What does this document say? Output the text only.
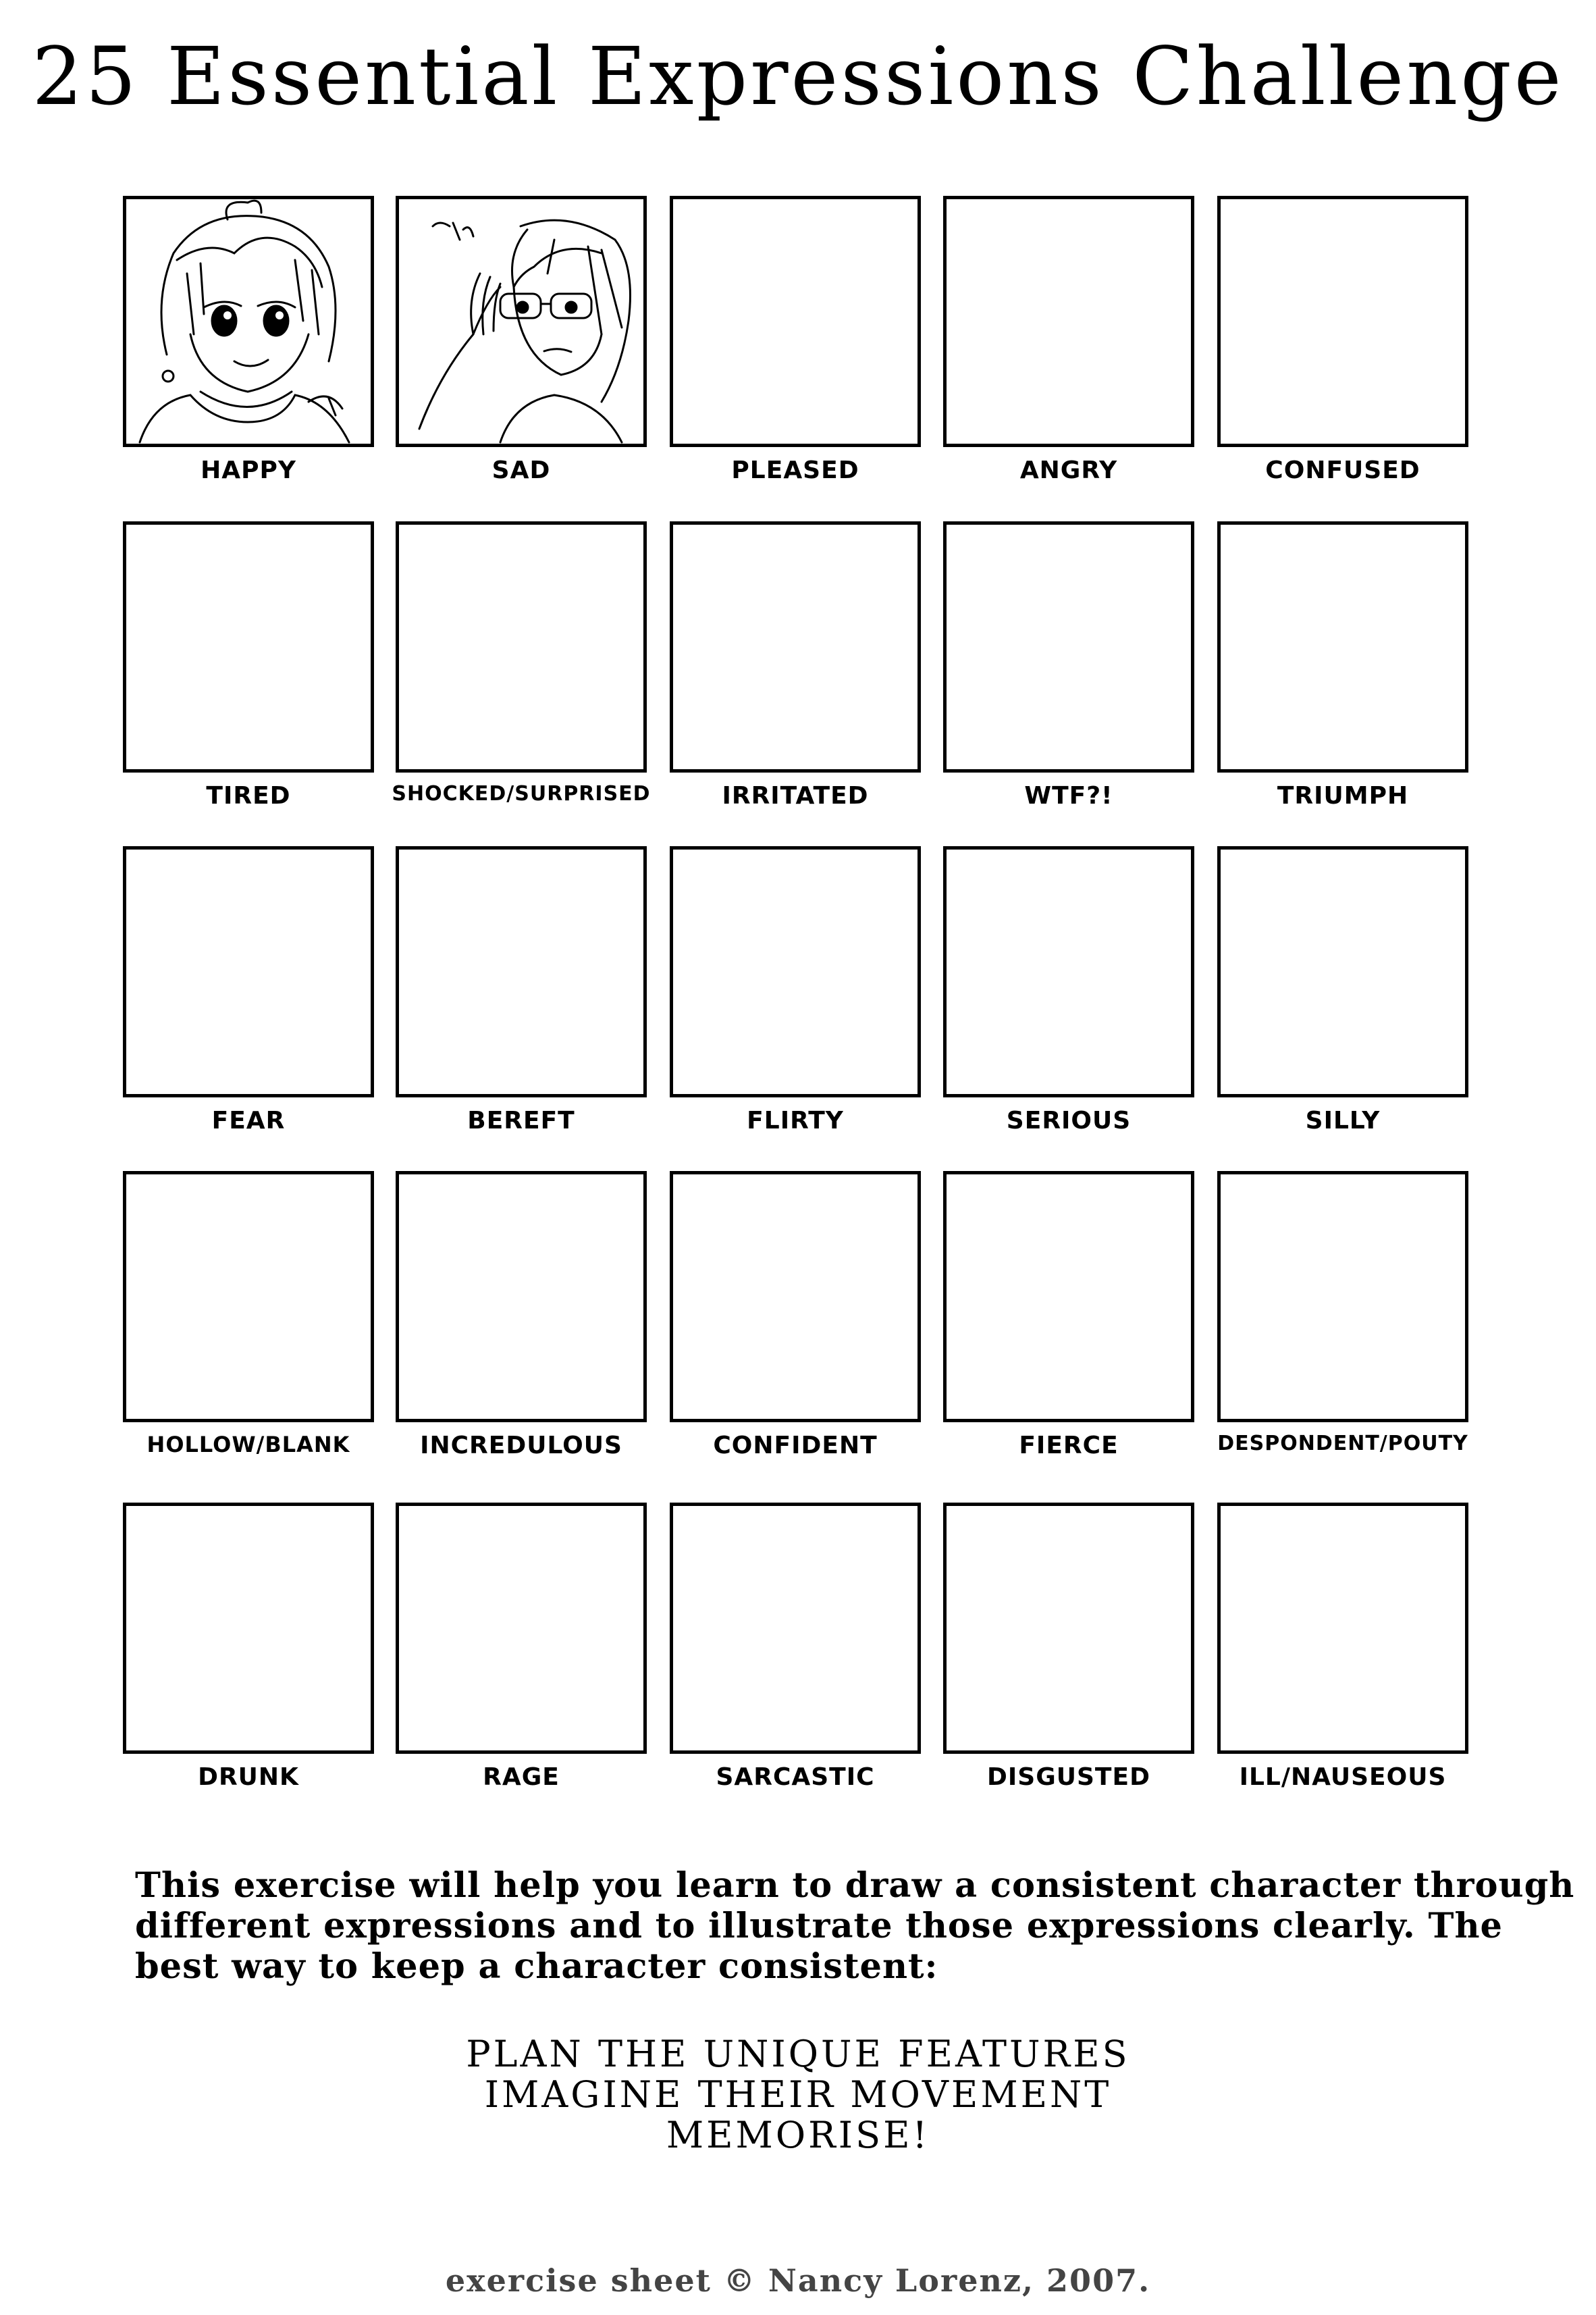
25 Essential Expressions Challenge
HAPPY	SAD	PLEASED	ANGRY	CONFUSED
TIRED	SHOCKED/SURPRISED	IRRITATED	WTF?!	TRIUMPH
FEAR	BEREFT	FLIRTY	SERIOUS	SILLY
HOLLOW/BLANK	INCREDULOUS	CONFIDENT	FIERCE	DESPONDENT/POUTY
DRUNK	RAGE	SARCASTIC	DISGUSTED	ILL/NAUSEOUS
This exercise will help you learn to draw a consistent character through
different expressions and to illustrate those expressions clearly. The
best way to keep a character consistent:
PLAN THE UNIQUE FEATURES
IMAGINE THEIR MOVEMENT
MEMORISE!
exercise sheet © Nancy Lorenz, 2007.
